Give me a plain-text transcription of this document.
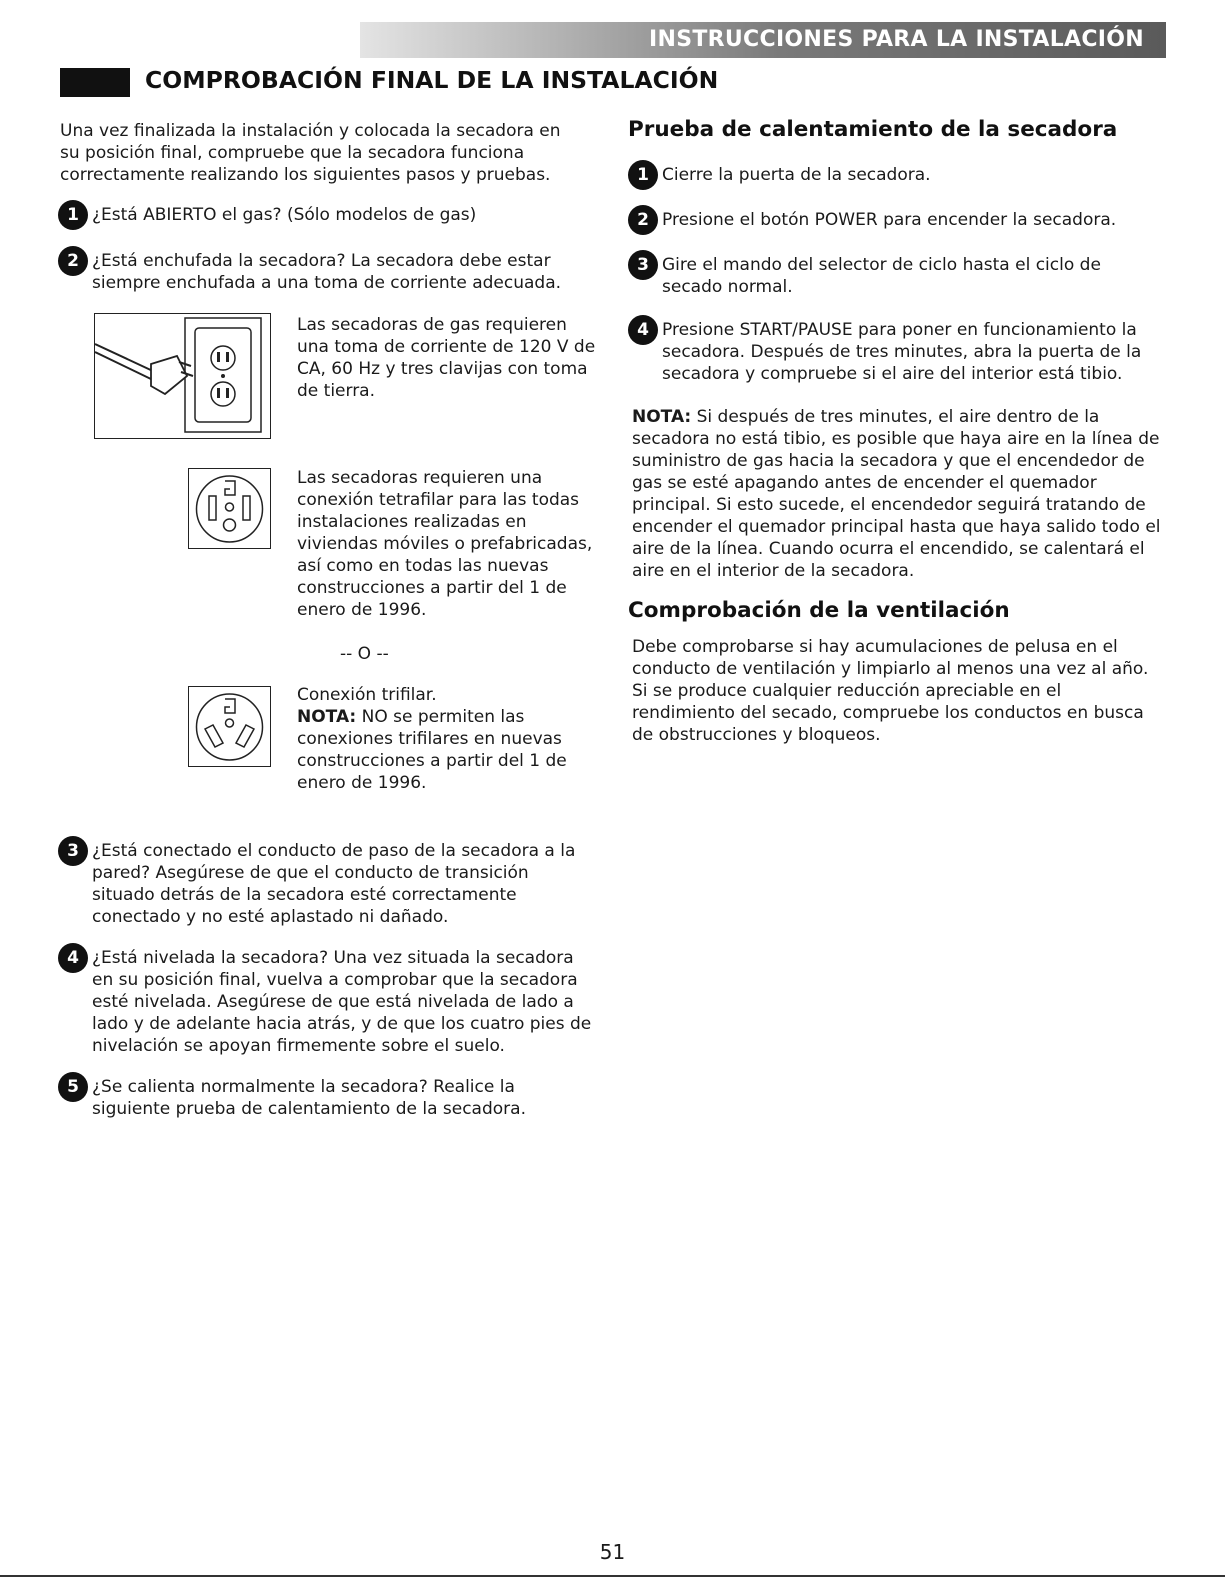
INSTRUCCIONES PARA LA INSTALACIÓN
COMPROBACIÓN FINAL DE LA INSTALACIÓN
Una vez finalizada la instalación y colocada la secadora en su posición final, compruebe que la secadora funciona correctamente realizando los siguientes pasos y pruebas.
1 ¿Está ABIERTO el gas? (Sólo modelos de gas)
2 ¿Está enchufada la secadora? La secadora debe estar siempre enchufada a una toma de corriente adecuada.
Las secadoras de gas requieren una toma de corriente de 120 V de CA, 60 Hz y tres clavijas con toma de tierra.
Las secadoras requieren una conexión tetrafilar para las todas instalaciones realizadas en viviendas móviles o prefabricadas, así como en todas las nuevas construcciones a partir del 1 de enero de 1996.
-- O --
Conexión trifilar.
NOTA: NO se permiten las conexiones trifilares en nuevas construcciones a partir del 1 de enero de 1996.
3 ¿Está conectado el conducto de paso de la secadora a la pared? Asegúrese de que el conducto de transición situado detrás de la secadora esté correctamente conectado y no esté aplastado ni dañado.
4 ¿Está nivelada la secadora? Una vez situada la secadora en su posición final, vuelva a comprobar que la secadora esté nivelada. Asegúrese de que está nivelada de lado a lado y de adelante hacia atrás, y de que los cuatro pies de nivelación se apoyan firmemente sobre el suelo.
5 ¿Se calienta normalmente la secadora? Realice la siguiente prueba de calentamiento de la secadora.
Prueba de calentamiento de la secadora
1 Cierre la puerta de la secadora.
2 Presione el botón POWER para encender la secadora.
3 Gire el mando del selector de ciclo hasta el ciclo de secado normal.
4 Presione START/PAUSE para poner en funcionamiento la secadora. Después de tres minutes, abra la puerta de la secadora y compruebe si el aire del interior está tibio.
NOTA: Si después de tres minutes, el aire dentro de la secadora no está tibio, es posible que haya aire en la línea de suministro de gas hacia la secadora y que el encendedor de gas se esté apagando antes de encender el quemador principal. Si esto sucede, el encendedor seguirá tratando de encender el quemador principal hasta que haya salido todo el aire de la línea. Cuando ocurra el encendido, se calentará el aire en el interior de la secadora.
Comprobación de la ventilación
Debe comprobarse si hay acumulaciones de pelusa en el conducto de ventilación y limpiarlo al menos una vez al año. Si se produce cualquier reducción apreciable en el rendimiento del secado, compruebe los conductos en busca de obstrucciones y bloqueos.
51
